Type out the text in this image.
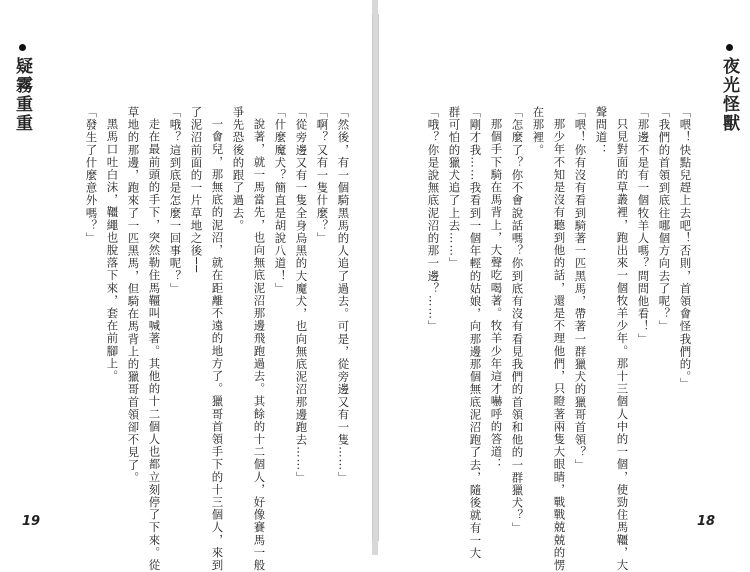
疑霧重重
「然後，有一個騎黑馬的人追了過去。可是，從旁邊又有一隻……」
「啊？又有一隻什麼？」
「從旁邊又有一隻全身烏黑的大魔犬，也向無底泥沼那邊跑去……」
「什麼魔犬？簡直是胡說八道！」
說著，就一馬當先，也向無底泥沼那邊飛跑過去。其餘的十二個人，好像賽馬一般
爭先恐後的跟了過去。
一會兒，那無底的泥沼，就在距離不遠的地方了。獵哥首領手下的十三個人，來到
了泥沼前面的一片草地之後──
「哦？這到底是怎麼一回事呢？」
走在最前頭的手下，突然勒住馬韁叫喊著。其他的十二個人也都立刻停了下來。從
草地的那邊，跑來了一匹黑馬，但騎在馬背上的獵哥首領卻不見了。
黑馬口吐白沫，韁繩也脫落下來，套在前腳上。
「發生了什麼意外嗎？」
19
夜光怪獸
「喂！快點兒趕上去吧！否則，首領會怪我們的。」
「我們的首領到底往哪個方向去了呢？」
「那邊不是有一個牧羊人嗎？問問他看！」
只見對面的草叢裡，跑出來一個牧羊少年。那十三個人中的一個，使勁住馬韁，大
聲問道：
「喂！你有沒有看到騎著一匹黑馬，帶著一群獵犬的獵哥首領？」
那少年不知是沒有聽到他的話，還是不理他們，只瞪著兩隻大眼睛，戰戰兢兢的愣
在那裡。
「怎麼了？你不會說話嗎？你到底有沒有看見我們的首領和他的一群獵犬？」
那個手下騎在馬背上，大聲吃喝著。牧羊少年這才嚇呼的答道：
「剛才我……我看到一個年輕的姑娘，向那邊那個無底泥沼跑了去，隨後就有一大
群可怕的獵犬追了上去……」
「哦？你是說無底泥沼的那一邊？……」
18
